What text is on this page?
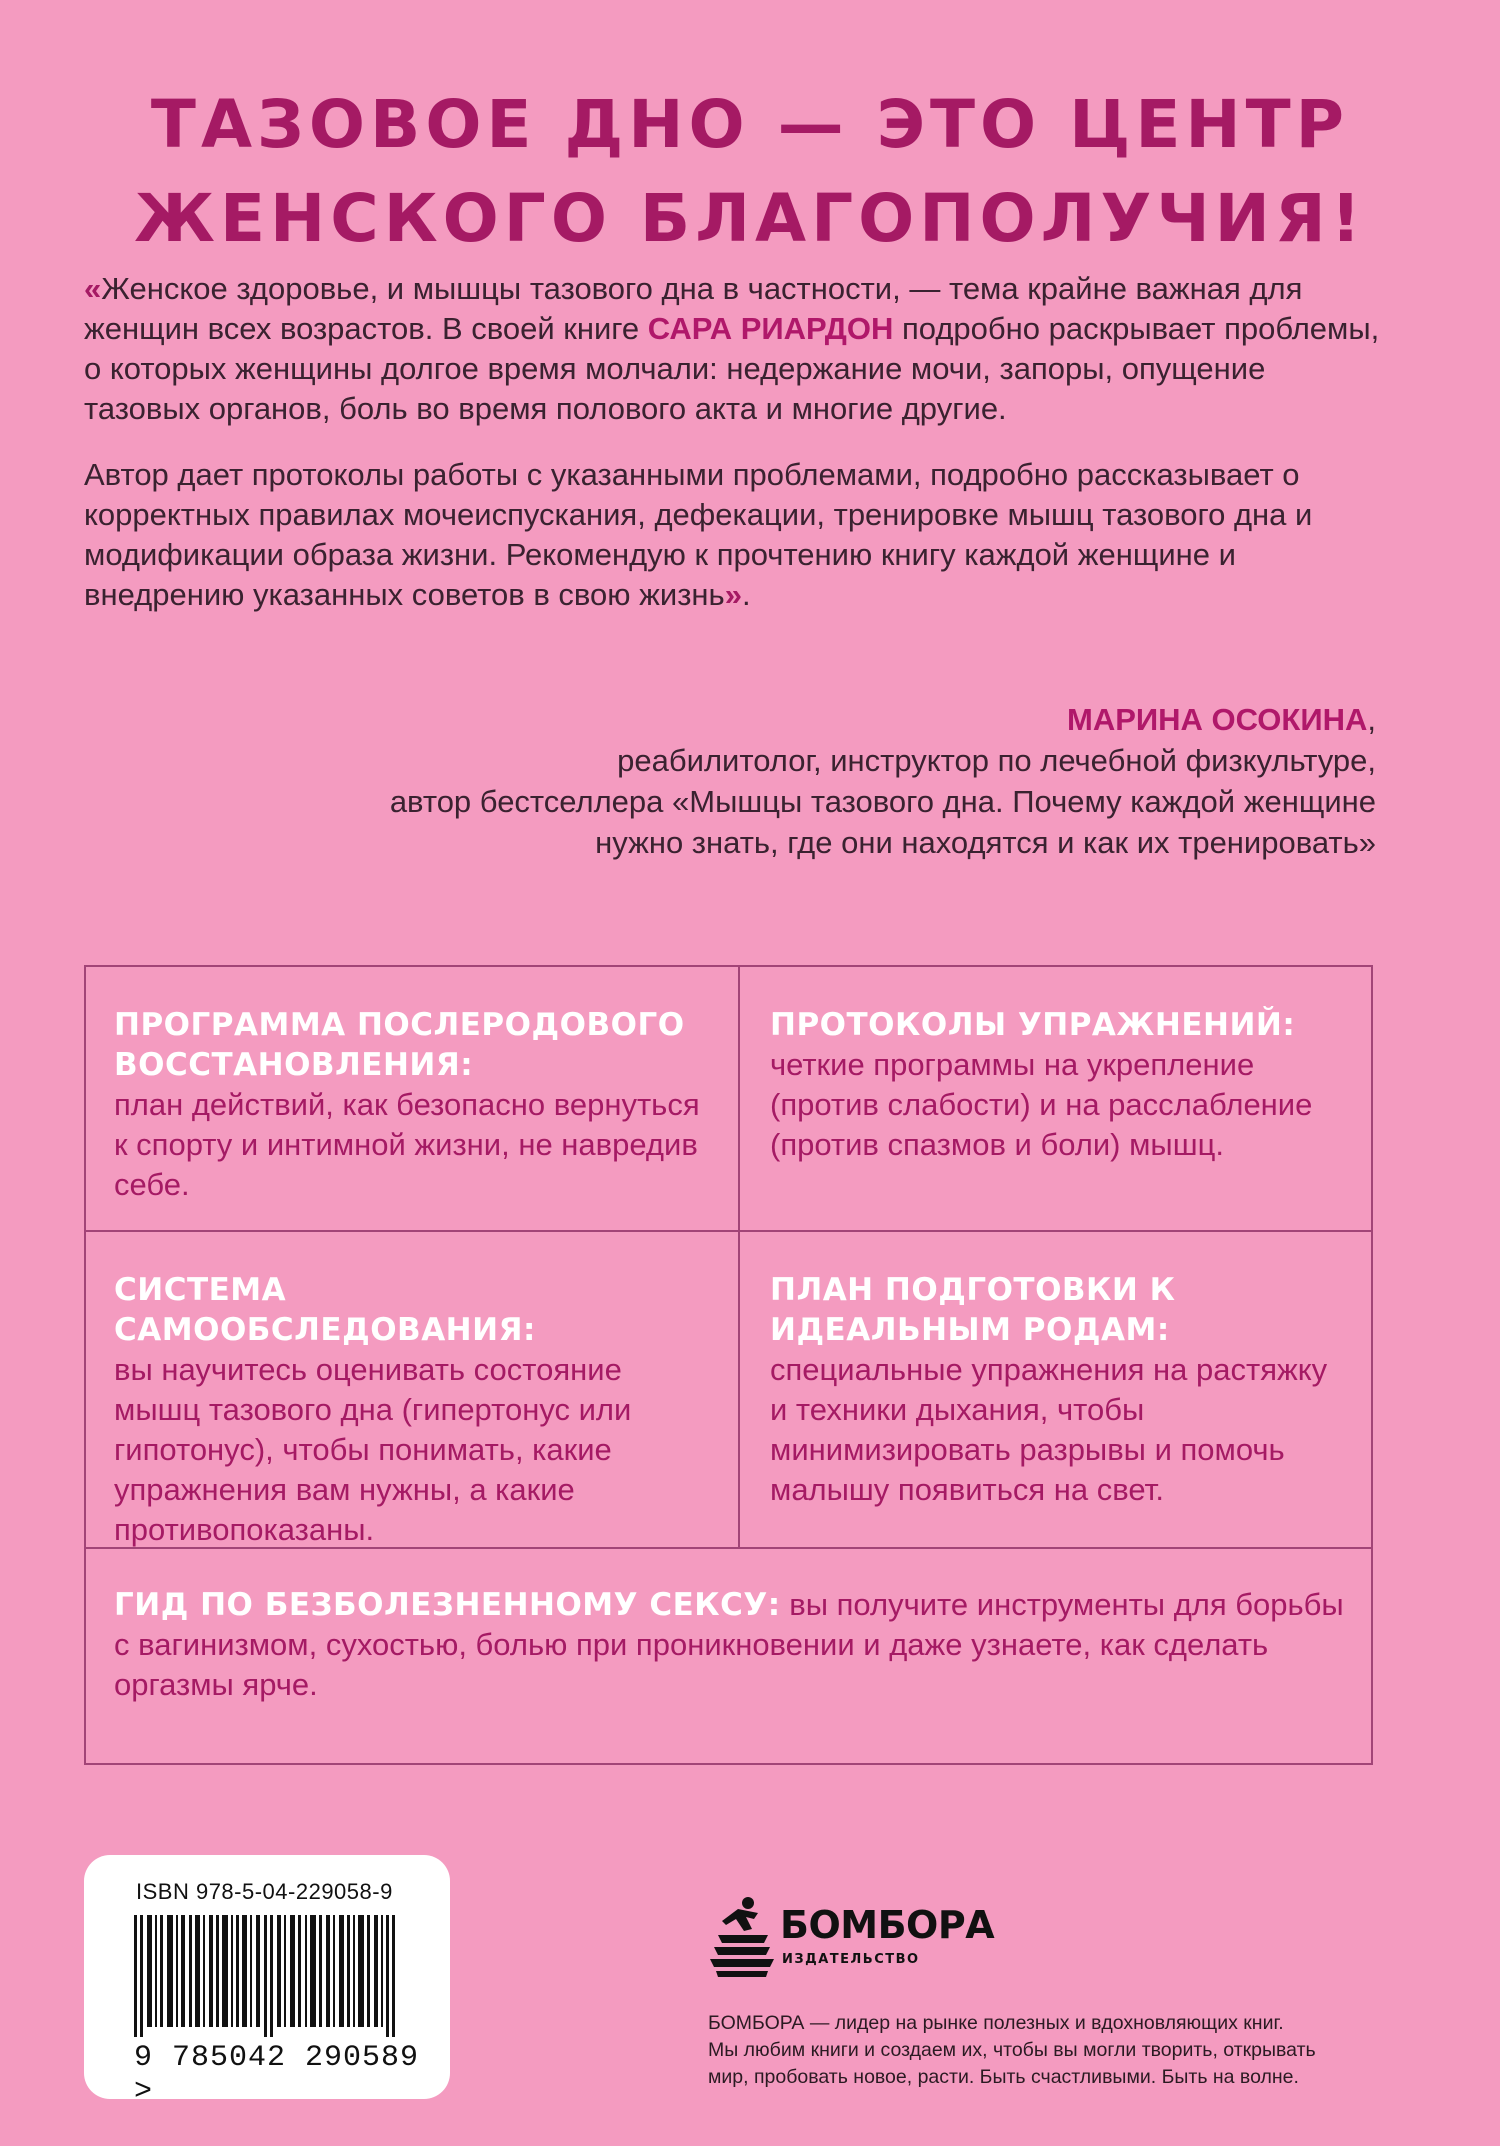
ТАЗОВОЕ ДНО — ЭТО ЦЕНТР
ЖЕНСКОГО БЛАГОПОЛУЧИЯ!

«Женское здоровье, и мышцы тазового дна в частности, — тема крайне важная для женщин всех возрастов. В своей книге САРА РИАРДОН подробно раскрывает проблемы, о которых женщины долгое время молчали: недержание мочи, запоры, опущение тазовых органов, боль во время полового акта и многие другие.

Автор дает протоколы работы с указанными проблемами, подробно рассказывает о корректных правилах мочеиспускания, дефекации, тренировке мышц тазового дна и модификации образа жизни. Рекомендую к прочтению книгу каждой женщине и внедрению указанных советов в свою жизнь».

МАРИНА ОСОКИНА,
реабилитолог, инструктор по лечебной физкультуре,
автор бестселлера «Мышцы тазового дна. Почему каждой женщине
нужно знать, где они находятся и как их тренировать»
ПРОГРАММА ПОСЛЕРОДОВОГО ВОССТАНОВЛЕНИЯ:
план действий, как безопасно вернуться к спорту и интимной жизни, не навредив себе.
ПРОТОКОЛЫ УПРАЖНЕНИЙ:
четкие программы на укрепление (против слабости) и на расслабление (против спазмов и боли) мышц.
СИСТЕМА САМООБСЛЕДОВАНИЯ:
вы научитесь оценивать состояние мышц тазового дна (гипертонус или гипотонус), чтобы понимать, какие упражнения вам нужны, а какие противопоказаны.
ПЛАН ПОДГОТОВКИ К ИДЕАЛЬНЫМ РОДАМ:
специальные упражнения на растяжку и техники дыхания, чтобы минимизировать разрывы и помочь малышу появиться на свет.
ГИД ПО БЕЗБОЛЕЗНЕННОМУ СЕКСУ: вы получите инструменты для борьбы с вагинизмом, сухостью, болью при проникновении и даже узнаете, как сделать оргазмы ярче.
ISBN 978-5-04-229058-9
9 785042 290589 >
БОМБОРА
ИЗДАТЕЛЬСТВО
БОМБОРА — лидер на рынке полезных и вдохновляющих книг.
Мы любим книги и создаем их, чтобы вы могли творить, открывать
мир, пробовать новое, расти. Быть счастливыми. Быть на волне.
